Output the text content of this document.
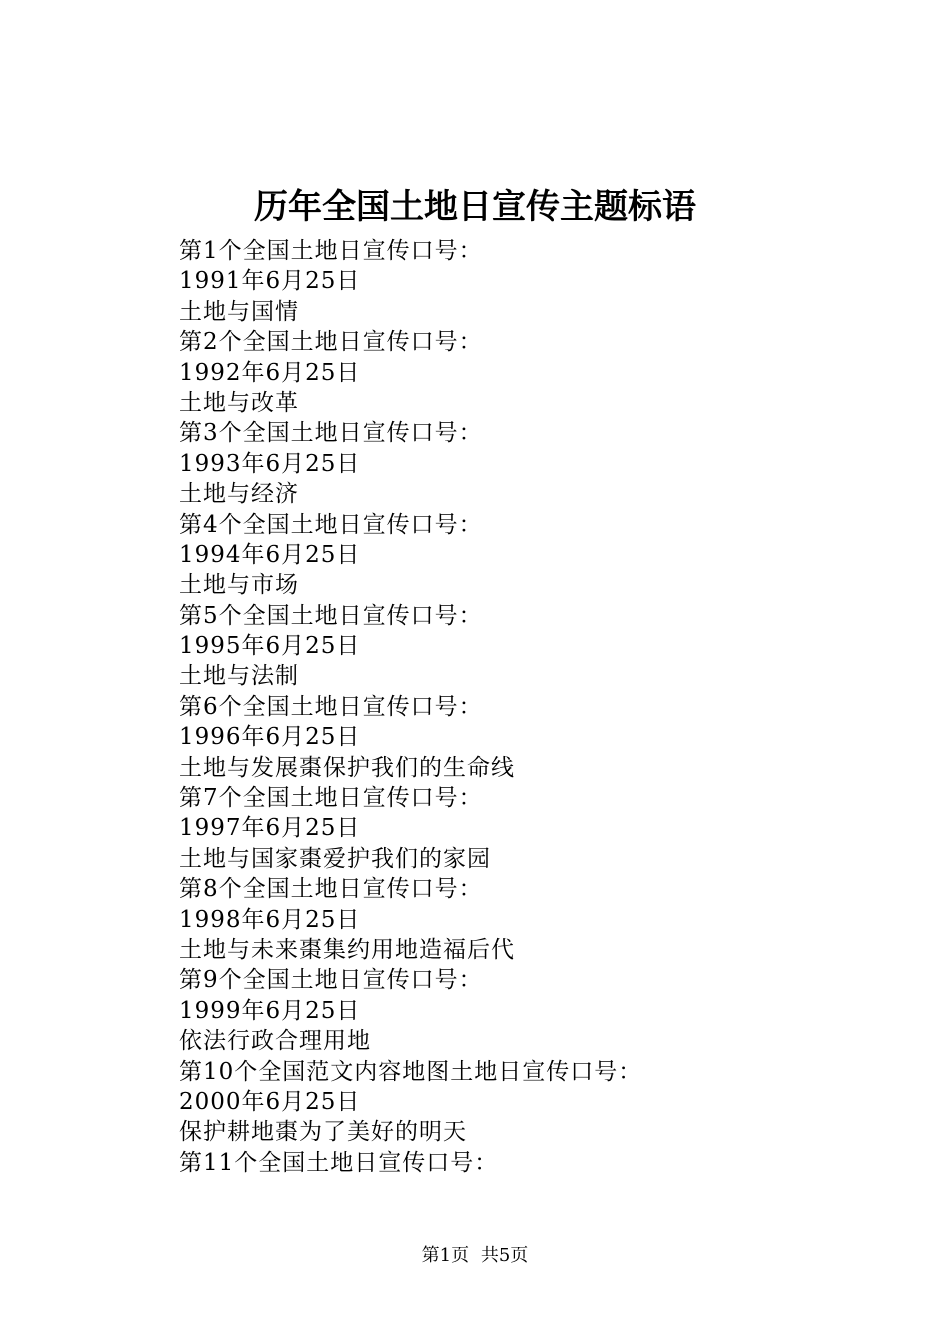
历年全国土地日宣传主题标语
第1个全国土地日宣传口号：
1991年6月25日
土地与国情
第2个全国土地日宣传口号：
1992年6月25日
土地与改革
第3个全国土地日宣传口号：
1993年6月25日
土地与经济
第4个全国土地日宣传口号：
1994年6月25日
土地与市场
第5个全国土地日宣传口号：
1995年6月25日
土地与法制
第6个全国土地日宣传口号：
1996年6月25日
土地与发展棗保护我们的生命线
第7个全国土地日宣传口号：
1997年6月25日
土地与国家棗爱护我们的家园
第8个全国土地日宣传口号：
1998年6月25日
土地与未来棗集约用地造福后代
第9个全国土地日宣传口号：
1999年6月25日
依法行政合理用地
第10个全国范文内容地图土地日宣传口号：
2000年6月25日
保护耕地棗为了美好的明天
第11个全国土地日宣传口号：
第1页 共5页
